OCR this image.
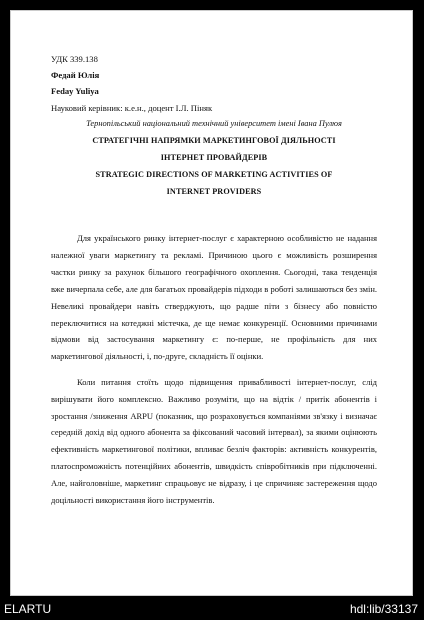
УДК 339.138
Федай Юлія
Feday Yuliya
Науковий керівник: к.е.н., доцент І.Л. Піняк
Тернопільський національний технічний університет імені Івана Пулюя
СТРАТЕГІЧНІ НАПРЯМКИ МАРКЕТИНГОВОЇ ДІЯЛЬНОСТІ
ІНТЕРНЕТ ПРОВАЙДЕРІВ
STRATEGIC DIRECTIONS OF MARKETING ACTIVITIES OF
INTERNET PROVIDERS

Для українського ринку інтернет-послуг є характерною особливістю не надання належної уваги маркетингу та рекламі. Причиною цього є можливість розширення частки ринку за рахунок більшого географічного охоплення. Сьогодні, така тенденція вже вичерпала себе, але для багатьох провайдерів підходи в роботі залишаються без змін. Невеликі провайдери навіть стверджують, що радше піти з бізнесу або повністю переключитися на котеджні містечка, де ще немає конкуренції. Основними причинами відмови від застосування маркетингу є: по-перше, не профільність для них маркетингової діяльності, і, по-друге, складність її оцінки.

Коли питання стоїть щодо підвищення привабливості інтернет-послуг, слід вирішувати його комплексно. Важливо розуміти, що на відтік / притік абонентів і зростання /зниження ARPU (показник, що розраховується компаніями зв'язку і визначає середній дохід від одного абонента за фіксований часовий інтервал), за якими оцінюють ефективність маркетингової політики, впливає безліч факторів: активність конкурентів, платоспроможність потенційних абонентів, швидкість співробітників при підключенні. Але, найголовніше, маркетинг спрацьовує не відразу, і це спричиняє застереження щодо доцільності використання його інструментів.

ELARTU	hdl:lib/33137
